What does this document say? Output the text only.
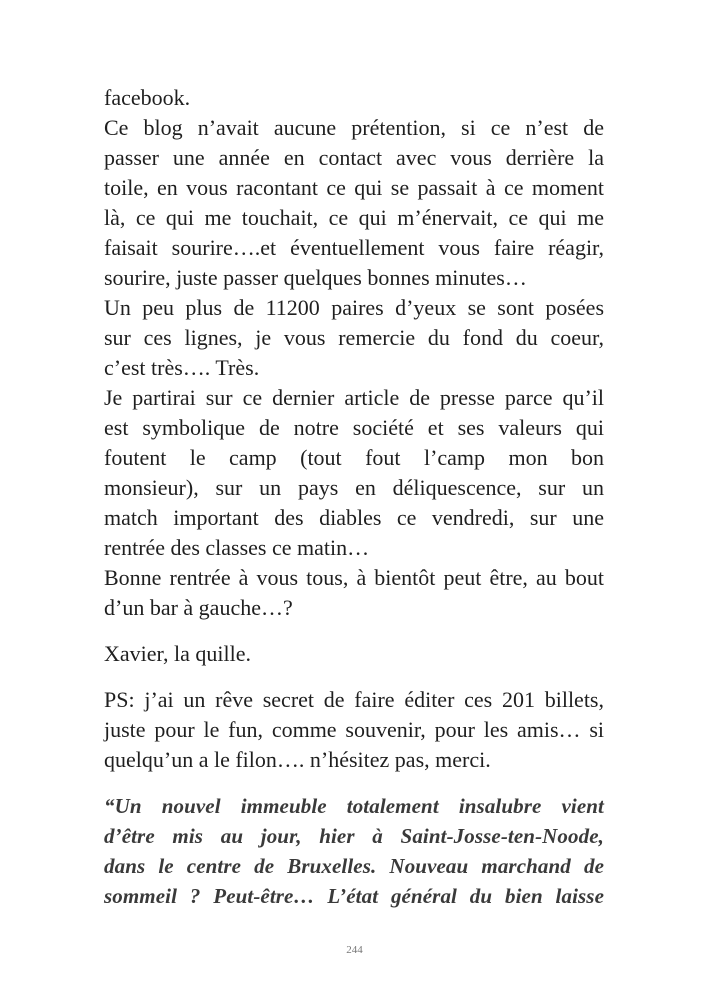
facebook.

Ce blog n’avait aucune prétention, si ce n’est de
passer une année en contact avec vous derrière la
toile, en vous racontant ce qui se passait à ce moment
là, ce qui me touchait, ce qui m’énervait, ce qui me
faisait sourire….et éventuellement vous faire réagir,
sourire, juste passer quelques bonnes minutes…

Un peu plus de 11200 paires d’yeux se sont posées
sur ces lignes, je vous remercie du fond du coeur,
c’est très…. Très.

Je partirai sur ce dernier article de presse parce qu’il
est symbolique de notre société et ses valeurs qui
foutent le camp (tout fout l’camp mon bon
monsieur), sur un pays en déliquescence, sur un
match important des diables ce vendredi, sur une
rentrée des classes ce matin…

Bonne rentrée à vous tous, à bientôt peut être, au bout
d’un bar à gauche…?

Xavier, la quille.

PS: j’ai un rêve secret de faire éditer ces 201 billets,
juste pour le fun, comme souvenir, pour les amis… si
quelqu’un a le filon…. n’hésitez pas, merci.

“Un nouvel immeuble totalement insalubre vient
d’être mis au jour, hier à Saint-Josse-ten-Noode,
dans le centre de Bruxelles. Nouveau marchand de
sommeil ? Peut-être… L’état général du bien laisse

244
